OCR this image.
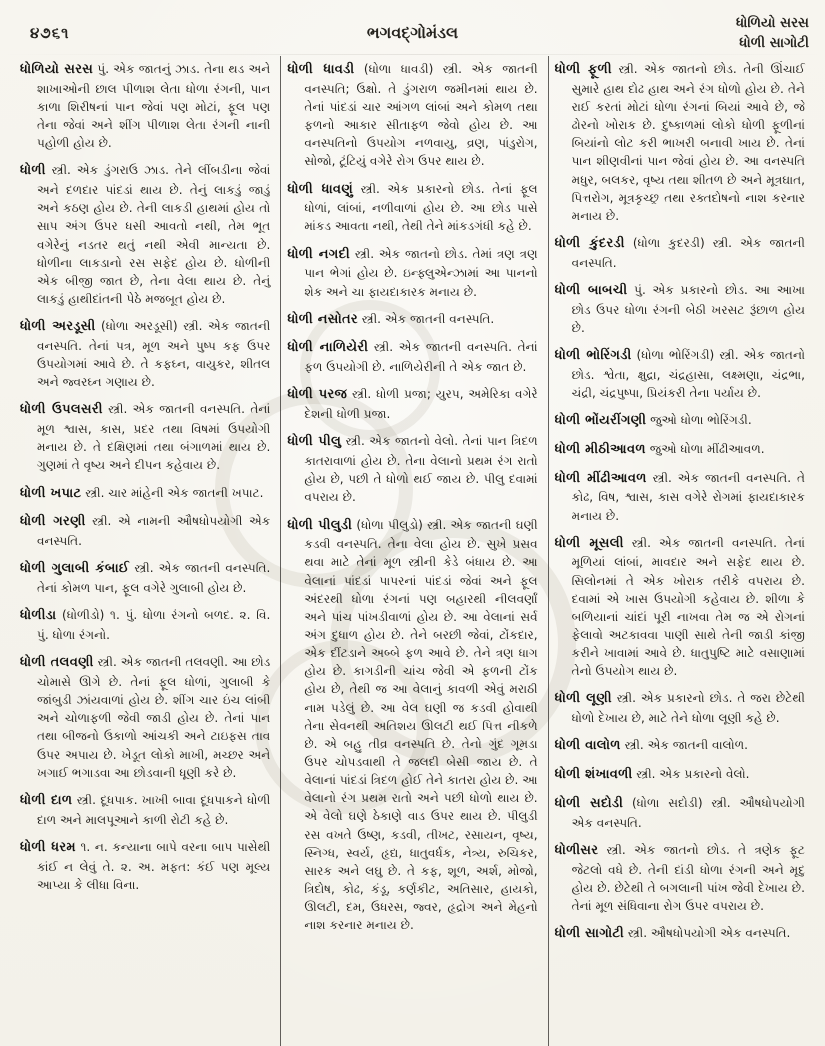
૪૭૬૧	ભગવદ્ગોમંડલ	ધોળિયો સરસ
ધોળી સાગોટી

ધોળિયો સરસ પું. એક જાતનું ઝાડ. તેના થડ અને શાખાઓની છાલ પીળાશ લેતા ધોળા રંગની, પાન કાળા શિરીષનાં પાન જેવાં પણ મોટાં, ફૂલ પણ તેના જેવાં અને શીંગ પીળાશ લેતા રંગની નાની પહોળી હોય છે.

ધોળી સ્ત્રી. એક ડુંગરાઉ ઝાડ. તેને લીંબડીના જેવાં અને દળદાર પાંદડાં થાય છે. તેનું લાકડું જાડું અને કઠણ હોય છે. તેની લાકડી હાથમાં હોય તો સાપ અંગ ઉપર ધસી આવતો નથી, તેમ ભૂત વગેરેનું નડતર થતું નથી એવી માન્યતા છે. ધોળીના લાકડાનો રસ સફેદ હોય છે. ધોળીની એક બીજી જાત છે, તેના વેલા થાય છે. તેનું લાકડું હાથીદાંતની પેઠે મજબૂત હોય છે.

ધોળી અરડૂસી (ધોળા અરડૂસી) સ્ત્રી. એક જાતની વનસ્પતિ. તેનાં પત્ર, મૂળ અને પુષ્પ કફ ઉપર ઉપયોગમાં આવે છે. તે કફઘ્ન, વાયુકર, શીતલ અને જ્વરઘ્ન ગણાય છે.

ધોળી ઉપલસરી સ્ત્રી. એક જાતની વનસ્પતિ. તેનાં મૂળ શ્વાસ, કાસ, પ્રદર તથા વિષમાં ઉપયોગી મનાય છે. તે દક્ષિણમાં તથા બંગાળમાં થાય છે. ગુણમાં તે વૃષ્ય અને દીપન કહેવાય છે.

ધોળી ખપાટ સ્ત્રી. ચાર માંહેની એક જાતની ખપાટ.

ધોળી ગરણી સ્ત્રી. એ નામની ઔષધોપયોગી એક વનસ્પતિ.

ધોળી ગુલાબી કંબાઈ સ્ત્રી. એક જાતની વનસ્પતિ. તેનાં કોમળ પાન, ફૂલ વગેરે ગુલાબી હોય છે.

ધોળીડા (ધોળીડો) ૧. પું. ધોળા રંગનો બળદ. ૨. વિ. પું. ધોળા રંગનો.

ધોળી તલવણી સ્ત્રી. એક જાતની તલવણી. આ છોડ ચોમાસે ઊગે છે. તેનાં ફૂલ ધોળાં, ગુલાબી કે જાંબુડી ઝાંયવાળાં હોય છે. શીંગ ચાર ઇંચ લાંબી અને ચોળાફળી જેવી જાડી હોય છે. તેનાં પાન તથા બીજનો ઉકાળો આંચકી અને ટાઇફસ તાવ ઉપર અપાય છે. ખેડૂત લોકો માખી, મચ્છર અને ખગાઈ ભગાડવા આ છોડવાની ધૂણી કરે છે.

ધોળી દાળ સ્ત્રી. દૂધપાક. ખાખી બાવા દૂધપાકને ધોળી દાળ અને માલપૂઆને કાળી રોટી કહે છે.

ધોળી ધરમ ૧. ન. કન્યાના બાપે વરના બાપ પાસેથી કાંઈ ન લેવું તે. ૨. અ. મફત: કંઈ પણ મૂલ્ય આપ્યા કે લીધા વિના.

ધોળી ધાવડી (ધોળા ધાવડી) સ્ત્રી. એક જાતની વનસ્પતિ; ઉક્ષો. તે ડુંગરાળ જમીનમાં થાય છે. તેનાં પાંદડાં ચાર આંગળ લાંબાં અને કોમળ તથા ફળનો આકાર સીતાફળ જેવો હોય છે. આ વનસ્પતિનો ઉપયોગ નળવાયુ, વ્રણ, પાંડુરોગ, સોજો, ટૂંટિયું વગેરે રોગ ઉપર થાય છે.

ધોળી ધાવણું સ્ત્રી. એક પ્રકારનો છોડ. તેનાં ફૂલ ધોળાં, લાંબાં, નળીવાળાં હોય છે. આ છોડ પાસે માંકડ આવતા નથી, તેથી તેને માંકડગંધી કહે છે.

ધોળી નગદી સ્ત્રી. એક જાતનો છોડ. તેમાં ત્રણ ત્રણ પાન ભેગાં હોય છે. ઇન્ફ્લુએન્ઝામાં આ પાનનો શેક અને ચા ફાયદાકારક મનાય છે.

ધોળી નસોતર સ્ત્રી. એક જાતની વનસ્પતિ.

ધોળી નાળિયેરી સ્ત્રી. એક જાતની વનસ્પતિ. તેનાં ફળ ઉપયોગી છે. નાળિયેરીની તે એક જાત છે.

ધોળી પરજ સ્ત્રી. ધોળી પ્રજા; યુરપ, અમેરિકા વગેરે દેશની ધોળી પ્રજા.

ધોળી પીલુ સ્ત્રી. એક જાતનો વેલો. તેનાં પાન ત્રિદળ કાતરાવાળાં હોય છે. તેના વેલાનો પ્રથમ રંગ રાતો હોય છે, પછી તે ધોળો થઈ જાય છે. પીલુ દવામાં વપરાય છે.

ધોળી પીલુડી (ધોળા પીલુડો) સ્ત્રી. એક જાતની ઘણી કડવી વનસ્પતિ. તેના વેલા હોય છે. સુખે પ્રસવ થવા માટે તેનાં મૂળ સ્ત્રીની કેડે બંધાય છે. આ વેલાનાં પાંદડાં પાપરનાં પાંદડાં જેવાં અને ફૂલ અંદરથી ધોળા રંગનાં પણ બહારથી નીલવર્ણાં અને પાંચ પાંખડીવાળાં હોય છે. આ વેલાનાં સર્વ અંગ દુધાળ હોય છે. તેને બરછી જેવાં, ટોંકદાર, એક દીંટડાને અબ્બે ફળ આવે છે. તેને ત્રણ ધાગ હોય છે. કાગડીની ચાંચ જેવી એ ફળની ટોંક હોય છે, તેથી જ આ વેલાનું કાવળી એવું મરાઠી નામ પડેલું છે. આ વેલ ઘણી જ કડવી હોવાથી તેના સેવનથી અતિશય ઊલટી થઈ પિત્ત નીકળે છે. એ બહુ તીવ્ર વનસ્પતિ છે. તેનો ગુંદ ગૂમડા ઉપર ચોપડવાથી તે જલદી બેસી જાય છે. તે વેલાનાં પાંદડાં ત્રિદળ હોઈ તેને કાતરા હોય છે. આ વેલાનો રંગ પ્રથમ રાતો અને પછી ધોળો થાય છે. એ વેલો ઘણે ઠેકાણે વાડ ઉપર થાય છે. પીલુડી રસ વખતે ઉષ્ણ, કડવી, તીખટ, રસાયન, વૃષ્ય, સ્નિગ્ધ, સ્વર્ય, હૃદ્ય, ધાતુવર્ધક, નેત્ર્ય, રુચિકર, સારક અને લઘુ છે. તે કફ, શૂળ, અર્શ, મોજો, ત્રિદોષ, કોઢ, કંડૂ, કર્ણકીટ, અતિસાર, હાયકો, ઊલટી, દમ, ઉધરસ, જ્વર, હૃદ્રોગ અને મેહનો નાશ કરનાર મનાય છે.

ધોળી ફૂળી સ્ત્રી. એક જાતનો છોડ. તેની ઊંચાઈ સુમારે હાથ દોઢ હાથ અને રંગ ધોળો હોય છે. તેને રાઈ કરતાં મોટાં ધોળા રંગનાં બિયાં આવે છે, જે ઢોરનો ખોરાક છે. દુષ્કાળમાં લોકો ધોળી ફૂળીનાં બિયાંનો લોટ કરી ભાખરી બનાવી ખાય છે. તેનાં પાન શીણવીનાં પાન જેવાં હોય છે. આ વનસ્પતિ મધુર, બલકર, વૃષ્ય તથા શીતળ છે અને મૂત્રઘાત, પિત્તરોગ, મૂત્રકૃચ્છ્ર તથા રક્તદોષનો નાશ કરનાર મનાય છે.

ધોળી કુંદરડી (ધોળા કુદરડી) સ્ત્રી. એક જાતની વનસ્પતિ.

ધોળી બાબચી પું. એક પ્રકારનો છોડ. આ આખા છોડ ઉપર ધોળા રંગની બેઠી ખરસટ રૂંછાળ હોય છે.

ધોળી ભોરિંગડી (ધોળા ભોરિંગડી) સ્ત્રી. એક જાતનો છોડ. શ્વેતા, ક્ષુદ્રા, ચંદ્રહાસા, લક્ષ્મણા, ચંદ્રભા, ચંદ્રી, ચંદ્રપુષ્પા, પ્રિયંકરી તેના પર્યાય છે.

ધોળી ભોંયરીંગણી જુઓ ધોળા ભોરિંગડી.

ધોળી મીઠીઆવળ જુઓ ધોળા મીંઢીઆવળ.

ધોળી મીંઢીઆવળ સ્ત્રી. એક જાતની વનસ્પતિ. તે કોઢ, વિષ, શ્વાસ, કાસ વગેરે રોગમાં ફાયદાકારક મનાય છે.

ધોળી મૂસલી સ્ત્રી. એક જાતની વનસ્પતિ. તેનાં મૂળિયાં લાંબાં, માવદાર અને સફેદ થાય છે. સિલોનમાં તે એક ખોરાક તરીકે વપરાય છે. દવામાં એ ખાસ ઉપયોગી કહેવાય છે. શીળા કે બળિયાનાં ચાંદાં પૂરી નાખવા તેમ જ એ રોગનાં ફેલાવો અટકાવવા પાણી સાથે તેની જાડી કાંજી કરીને ખાવામાં આવે છે. ધાતુપુષ્ટિ માટે વસાણામાં તેનો ઉપયોગ થાય છે.

ધોળી લૂણી સ્ત્રી. એક પ્રકારનો છોડ. તે જરા છેટેથી ધોળો દેખાય છે, માટે તેને ધોળા લૂણી કહે છે.

ધોળી વાલોળ સ્ત્રી. એક જાતની વાલોળ.

ધોળી શંખાવળી સ્ત્રી. એક પ્રકારનો વેલો.

ધોળી સદોડી (ધોળા સદોડી) સ્ત્રી. ઔષધોપયોગી એક વનસ્પતિ.

ધોળીસર સ્ત્રી. એક જાતનો છોડ. તે ત્રણેક ફૂટ જેટલો વધે છે. તેની દાંડી ધોળા રંગની અને મૃદુ હોય છે. છેટેથી તે બગલાની પાંખ જેવી દેખાય છે. તેનાં મૂળ સંધિવાના રોગ ઉપર વપરાય છે.

ધોળી સાગોટી સ્ત્રી. ઔષધોપયોગી એક વનસ્પતિ.
